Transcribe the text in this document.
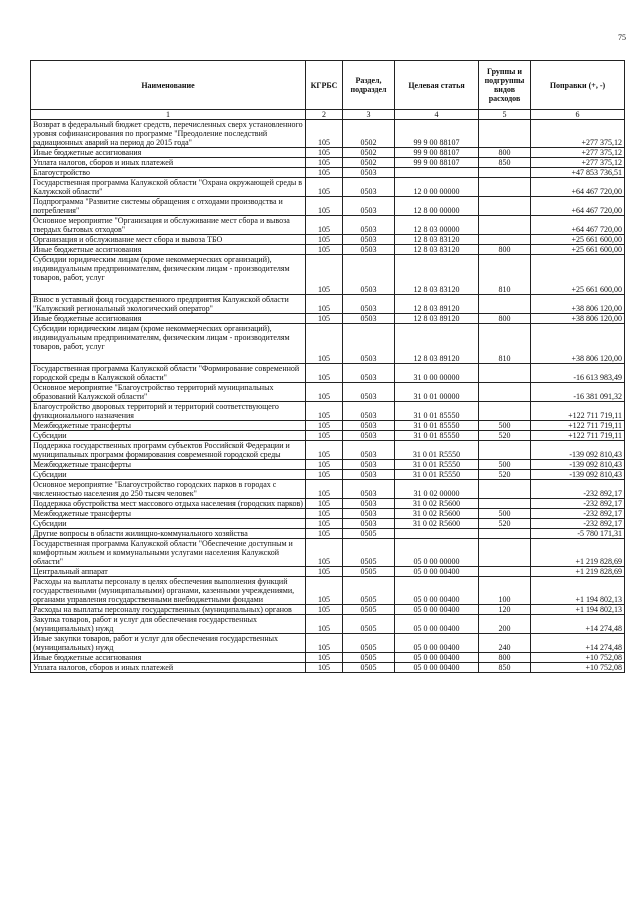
75
Наименование	КГРБС	Раздел, подраздел	Целевая статья	Группы и подгруппы видов расходов	Поправки (+, -)
1	2	3	4	5	6
Возврат в федеральный бюджет средств, перечисленных сверх установленного уровня софинансирования по программе "Преодоление последствий радиационных аварий на период до 2015 года"	105	0502	99 9 00 88107		+277 375,12
Иные бюджетные ассигнования	105	0502	99 9 00 88107	800	+277 375,12
Уплата налогов, сборов и иных платежей	105	0502	99 9 00 88107	850	+277 375,12
Благоустройство	105	0503			+47 853 736,51
Государственная программа Калужской области "Охрана окружающей среды в Калужской области"	105	0503	12 0 00 00000		+64 467 720,00
Подпрограмма "Развитие системы обращения с отходами производства и потребления"	105	0503	12 8 00 00000		+64 467 720,00
Основное мероприятие "Организация и обслуживание мест сбора и вывоза твердых бытовых отходов"	105	0503	12 8 03 00000		+64 467 720,00
Организация и обслуживание мест сбора и вывоза ТБО	105	0503	12 8 03 83120		+25 661 600,00
Иные бюджетные ассигнования	105	0503	12 8 03 83120	800	+25 661 600,00
Субсидии юридическим лицам (кроме некоммерческих организаций), индивидуальным предпринимателям, физическим лицам - производителям товаров, работ, услуг	105	0503	12 8 03 83120	810	+25 661 600,00
Взнос в уставный фонд государственного предприятия Калужской области "Калужский региональный экологический оператор"	105	0503	12 8 03 89120		+38 806 120,00
Иные бюджетные ассигнования	105	0503	12 8 03 89120	800	+38 806 120,00
Субсидии юридическим лицам (кроме некоммерческих организаций), индивидуальным предпринимателям, физическим лицам - производителям товаров, работ, услуг	105	0503	12 8 03 89120	810	+38 806 120,00
Государственная программа Калужской области "Формирование современной городской среды в Калужской области"	105	0503	31 0 00 00000		-16 613 983,49
Основное мероприятие "Благоустройство территорий муниципальных образований Калужской области"	105	0503	31 0 01 00000		-16 381 091,32
Благоустройство дворовых территорий и территорий соответствующего функционального назначения	105	0503	31 0 01 85550		+122 711 719,11
Межбюджетные трансферты	105	0503	31 0 01 85550	500	+122 711 719,11
Субсидии	105	0503	31 0 01 85550	520	+122 711 719,11
Поддержка государственных программ субъектов Российской Федерации и муниципальных программ формирования современной городской среды	105	0503	31 0 01 R5550		-139 092 810,43
Межбюджетные трансферты	105	0503	31 0 01 R5550	500	-139 092 810,43
Субсидии	105	0503	31 0 01 R5550	520	-139 092 810,43
Основное мероприятие "Благоустройство городских парков в городах с численностью населения до 250 тысяч человек"	105	0503	31 0 02 00000		-232 892,17
Поддержка обустройства мест массового отдыха населения (городских парков)	105	0503	31 0 02 R5600		-232 892,17
Межбюджетные трансферты	105	0503	31 0 02 R5600	500	-232 892,17
Субсидии	105	0503	31 0 02 R5600	520	-232 892,17
Другие вопросы в области жилищно-коммунального хозяйства	105	0505			-5 780 171,31
Государственная программа Калужской области "Обеспечение доступным и комфортным жильем и коммунальными услугами населения Калужской области"	105	0505	05 0 00 00000		+1 219 828,69
Центральный аппарат	105	0505	05 0 00 00400		+1 219 828,69
Расходы на выплаты персоналу в целях обеспечения выполнения функций государственными (муниципальными) органами, казенными учреждениями, органами управления государственными внебюджетными фондами	105	0505	05 0 00 00400	100	+1 194 802,13
Расходы на выплаты персоналу государственных (муниципальных) органов	105	0505	05 0 00 00400	120	+1 194 802,13
Закупка товаров, работ и услуг для обеспечения государственных (муниципальных) нужд	105	0505	05 0 00 00400	200	+14 274,48
Иные закупки товаров, работ и услуг для обеспечения государственных (муниципальных) нужд	105	0505	05 0 00 00400	240	+14 274,48
Иные бюджетные ассигнования	105	0505	05 0 00 00400	800	+10 752,08
Уплата налогов, сборов и иных платежей	105	0505	05 0 00 00400	850	+10 752,08
